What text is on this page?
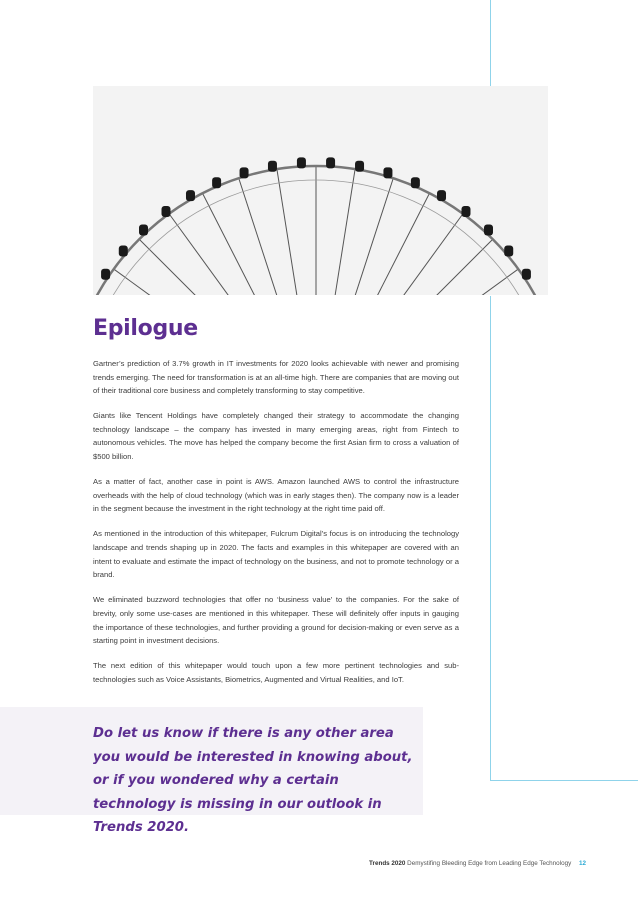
Epilogue

Gartner’s prediction of 3.7% growth in IT investments for 2020 looks achievable with newer and promising trends emerging. The need for transformation is at an all-time high. There are companies that are moving out of their traditional core business and completely transforming to stay competitive.

Giants like Tencent Holdings have completely changed their strategy to accommodate the changing technology landscape – the company has invested in many emerging areas, right from Fintech to autonomous vehicles. The move has helped the company become the first Asian firm to cross a valuation of $500 billion.

As a matter of fact, another case in point is AWS. Amazon launched AWS to control the infrastructure overheads with the help of cloud technology (which was in early stages then). The company now is a leader in the segment because the investment in the right technology at the right time paid off.

As mentioned in the introduction of this whitepaper, Fulcrum Digital’s focus is on introducing the technology landscape and trends shaping up in 2020. The facts and examples in this whitepaper are covered with an intent to evaluate and estimate the impact of technology on the business, and not to promote technology or a brand.

We eliminated buzzword technologies that offer no ‘business value’ to the companies. For the sake of brevity, only some use-cases are mentioned in this whitepaper. These will definitely offer inputs in gauging the importance of these technologies, and further providing a ground for decision-making or even serve as a starting point in investment decisions.

The next edition of this whitepaper would touch upon a few more pertinent technologies and sub-technologies such as Voice Assistants, Biometrics, Augmented and Virtual Realities, and IoT.

Do let us know if there is any other area you would be interested in knowing about, or if you wondered why a certain technology is missing in our outlook in Trends 2020.

Trends 2020 Demystifing Bleeding Edge from Leading Edge Technology 12
